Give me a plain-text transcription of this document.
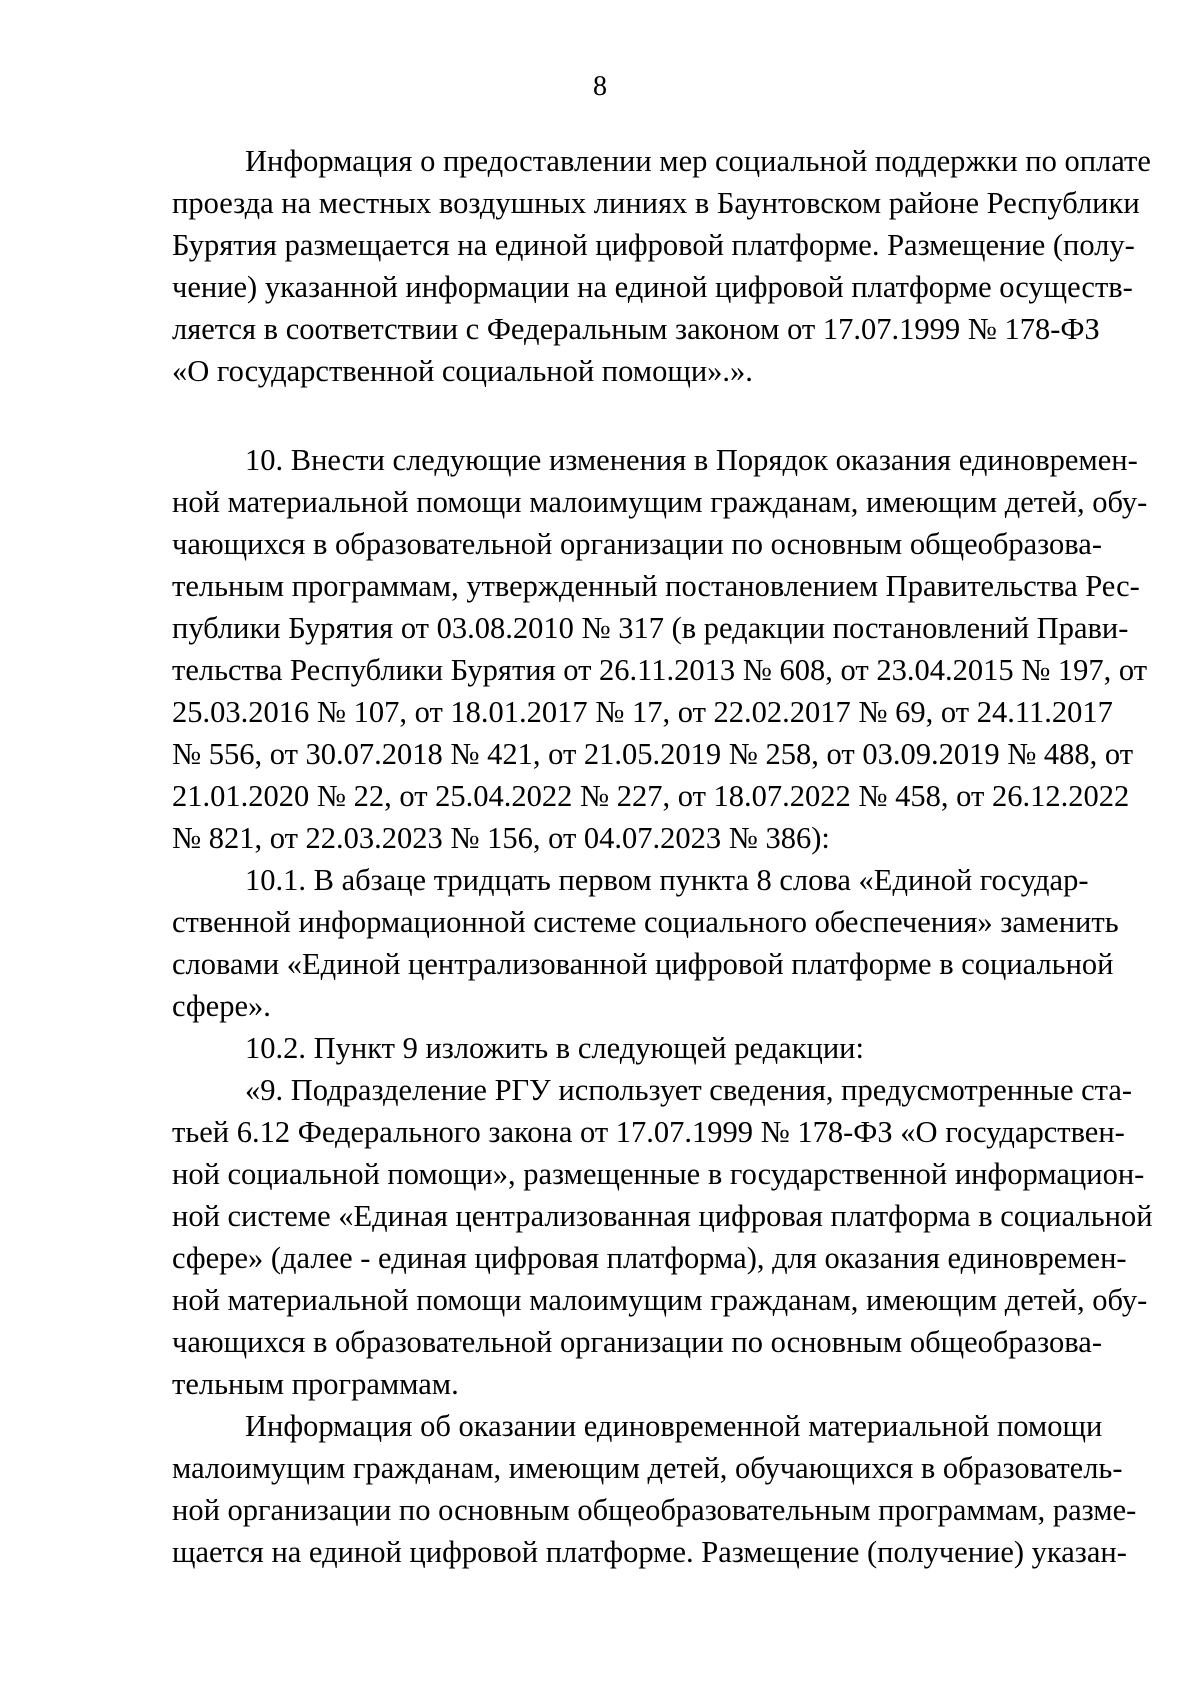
8
Информация о предоставлении мер социальной поддержки по оплате
проезда на местных воздушных линиях в Баунтовском районе Республики
Бурятия размещается на единой цифровой платформе. Размещение (полу-
чение) указанной информации на единой цифровой платформе осуществ-
ляется в соответствии с Федеральным законом от 17.07.1999 № 178-ФЗ
«О государственной социальной помощи».».
10. Внести следующие изменения в Порядок оказания единовремен-
ной материальной помощи малоимущим гражданам, имеющим детей, обу-
чающихся в образовательной организации по основным общеобразова-
тельным программам, утвержденный постановлением Правительства Рес-
публики Бурятия от 03.08.2010 № 317 (в редакции постановлений Прави-
тельства Республики Бурятия от 26.11.2013 № 608, от 23.04.2015 № 197, от
25.03.2016 № 107, от 18.01.2017 № 17, от 22.02.2017 № 69, от 24.11.2017
№ 556, от 30.07.2018 № 421, от 21.05.2019 № 258, от 03.09.2019 № 488, от
21.01.2020 № 22, от 25.04.2022 № 227, от 18.07.2022 № 458, от 26.12.2022
№ 821, от 22.03.2023 № 156, от 04.07.2023 № 386):
10.1. В абзаце тридцать первом пункта 8 слова «Единой государ-
ственной информационной системе социального обеспечения» заменить
словами «Единой централизованной цифровой платформе в социальной
сфере».
10.2. Пункт 9 изложить в следующей редакции:
«9. Подразделение РГУ использует сведения, предусмотренные ста-
тьей 6.12 Федерального закона от 17.07.1999 № 178-ФЗ «О государствен-
ной социальной помощи», размещенные в государственной информацион-
ной системе «Единая централизованная цифровая платформа в социальной
сфере» (далее - единая цифровая платформа), для оказания единовремен-
ной материальной помощи малоимущим гражданам, имеющим детей, обу-
чающихся в образовательной организации по основным общеобразова-
тельным программам.
Информация об оказании единовременной материальной помощи
малоимущим гражданам, имеющим детей, обучающихся в образователь-
ной организации по основным общеобразовательным программам, разме-
щается на единой цифровой платформе. Размещение (получение) указан-
